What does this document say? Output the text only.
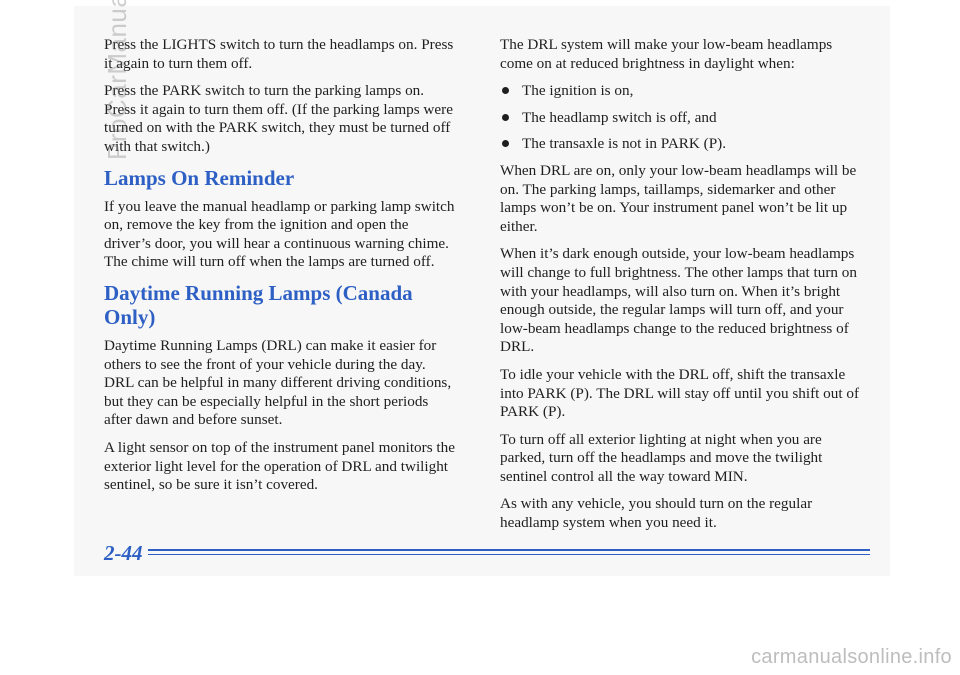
Press the LIGHTS switch to turn the headlamps on. Press it again to turn them off.

Press the PARK switch to turn the parking lamps on. Press it again to turn them off. (If the parking lamps were turned on with the PARK switch, they must be turned off with that switch.)

Lamps On Reminder

If you leave the manual headlamp or parking lamp switch on, remove the key from the ignition and open the driver’s door, you will hear a continuous warning chime. The chime will turn off when the lamps are turned off.

Daytime Running Lamps (Canada Only)

Daytime Running Lamps (DRL) can make it easier for others to see the front of your vehicle during the day. DRL can be helpful in many different driving conditions, but they can be especially helpful in the short periods after dawn and before sunset.

A light sensor on top of the instrument panel monitors the exterior light level for the operation of DRL and twilight sentinel, so be sure it isn’t covered.

The DRL system will make your low-beam headlamps come on at reduced brightness in daylight when:

The ignition is on,
The headlamp switch is off, and
The transaxle is not in PARK (P).

When DRL are on, only your low-beam headlamps will be on. The parking lamps, taillamps, sidemarker and other lamps won’t be on. Your instrument panel won’t be lit up either.

When it’s dark enough outside, your low-beam headlamps will change to full brightness. The other lamps that turn on with your headlamps, will also turn on. When it’s bright enough outside, the regular lamps will turn off, and your low-beam headlamps change to the reduced brightness of DRL.

To idle your vehicle with the DRL off, shift the transaxle into PARK (P). The DRL will stay off until you shift out of PARK (P).

To turn off all exterior lighting at night when you are parked, turn off the headlamps and move the twilight sentinel control all the way toward MIN.

As with any vehicle, you should turn on the regular headlamp system when you need it.

2-44
carmanualsonline.info
